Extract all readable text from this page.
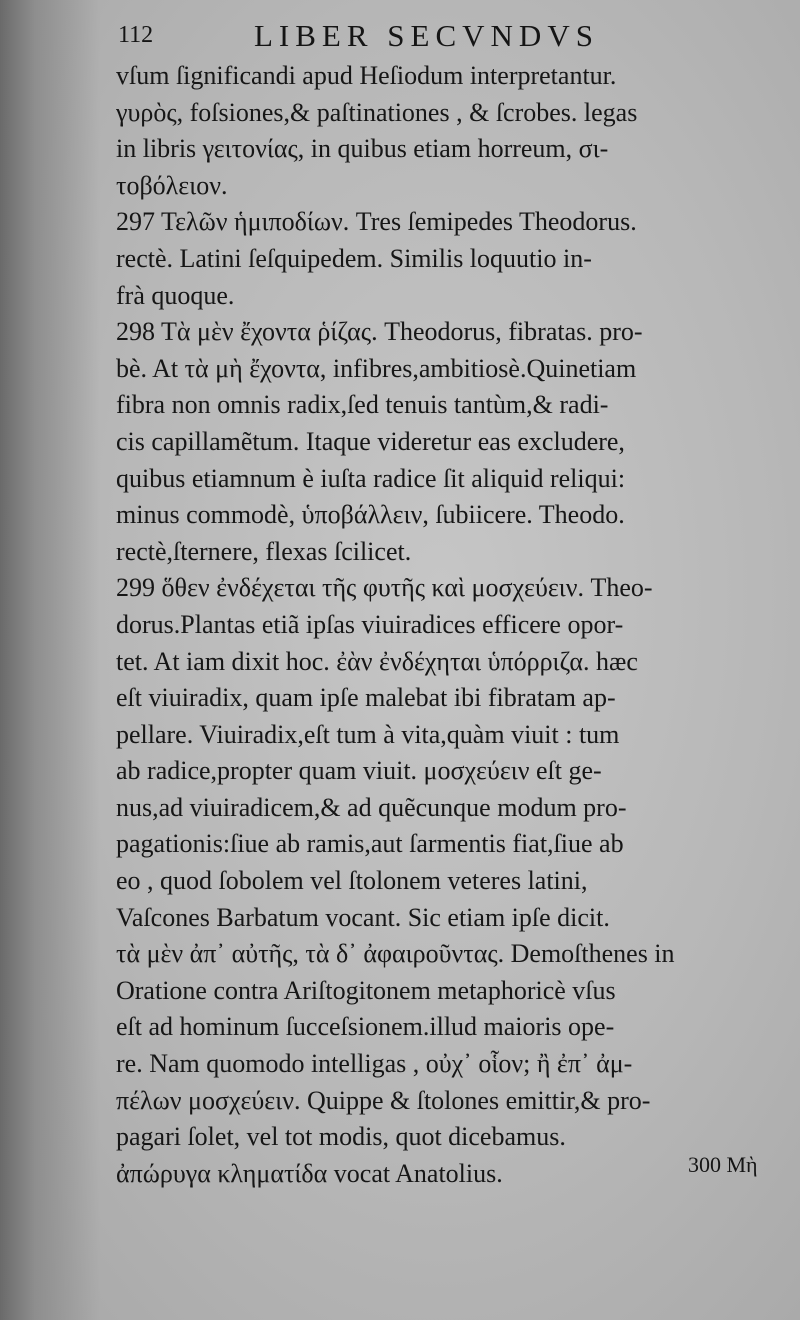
112	LIBER SECVNDVS
vſum ſignificandi apud Heſiodum interpretantur.
γυρὸς, foſsiones,& paſtinationes , & ſcrobes. legas
in libris γειτονίας, in quibus etiam horreum, σι-
τοβόλειον.
297 Τελῶν ἡμιποδίων. Tres ſemipedes Theodorus.
rectè. Latini ſeſquipedem. Similis loquutio in-
frà quoque.
298 Τὰ μὲν ἔχοντα ῥίζας. Theodorus, fibratas. pro-
bè. At τὰ μὴ ἔχοντα, infibres,ambitiosè.Quinetiam
fibra non omnis radix,ſed tenuis tantùm,& radi-
cis capillamẽtum. Itaque videretur eas excludere,
quibus etiamnum è iuſta radice ſit aliquid reliqui:
minus commodè, ὑποβάλλειν, ſubiicere. Theodo.
rectè,ſternere, flexas ſcilicet.
299 ὅθεν ἐνδέχεται τῆς φυτῆς καὶ μοσχεύειν. Theo-
dorus.Plantas etiã ipſas viuiradices efficere opor-
tet. At iam dixit hoc. ἐὰν ἐνδέχηται ὑπόρριζα. hæc
eſt viuiradix, quam ipſe malebat ibi fibratam ap-
pellare. Viuiradix,eſt tum à vita,quàm viuit : tum
ab radice,propter quam viuit. μοσχεύειν eſt ge-
nus,ad viuiradicem,& ad quẽcunque modum pro-
pagationis:ſiue ab ramis,aut ſarmentis fiat,ſiue ab
eo , quod ſobolem vel ſtolonem veteres latini,
Vaſcones Barbatum vocant. Sic etiam ipſe dicit.
τὰ μὲν ἀπ᾽ αὐτῆς, τὰ δ᾽ ἀφαιροῦντας. Demoſthenes in
Oratione contra Ariſtogitonem metaphoricè vſus
eſt ad hominum ſucceſsionem.illud maioris ope-
re. Nam quomodo intelligas , οὐχ᾽ οἷον; ἢ ἐπ᾽ ἀμ-
πέλων μοσχεύειν. Quippe & ſtolones emittir,& pro-
pagari ſolet, vel tot modis, quot dicebamus.
ἀπώρυγα κληματίδα vocat Anatolius.	300 Mὴ
